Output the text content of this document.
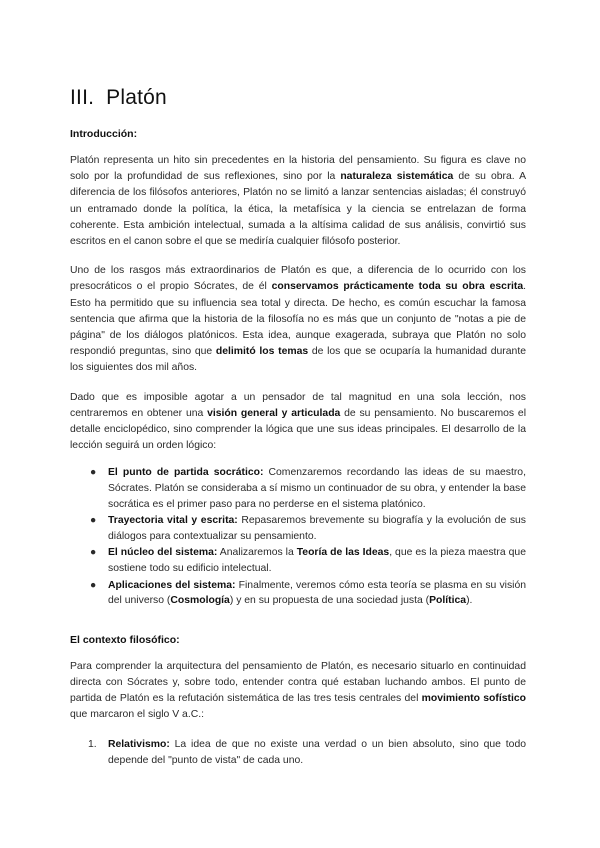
III. Platón
Introducción:

Platón representa un hito sin precedentes en la historia del pensamiento. Su figura es clave no solo por la profundidad de sus reflexiones, sino por la naturaleza sistemática de su obra. A diferencia de los filósofos anteriores, Platón no se limitó a lanzar sentencias aisladas; él construyó un entramado donde la política, la ética, la metafísica y la ciencia se entrelazan de forma coherente. Esta ambición intelectual, sumada a la altísima calidad de sus análisis, convirtió sus escritos en el canon sobre el que se mediría cualquier filósofo posterior.

Uno de los rasgos más extraordinarios de Platón es que, a diferencia de lo ocurrido con los presocráticos o el propio Sócrates, de él conservamos prácticamente toda su obra escrita. Esto ha permitido que su influencia sea total y directa. De hecho, es común escuchar la famosa sentencia que afirma que la historia de la filosofía no es más que un conjunto de "notas a pie de página" de los diálogos platónicos. Esta idea, aunque exagerada, subraya que Platón no solo respondió preguntas, sino que delimitó los temas de los que se ocuparía la humanidad durante los siguientes dos mil años.

Dado que es imposible agotar a un pensador de tal magnitud en una sola lección, nos centraremos en obtener una visión general y articulada de su pensamiento. No buscaremos el detalle enciclopédico, sino comprender la lógica que une sus ideas principales. El desarrollo de la lección seguirá un orden lógico:

● El punto de partida socrático: Comenzaremos recordando las ideas de su maestro, Sócrates. Platón se consideraba a sí mismo un continuador de su obra, y entender la base socrática es el primer paso para no perderse en el sistema platónico.
● Trayectoria vital y escrita: Repasaremos brevemente su biografía y la evolución de sus diálogos para contextualizar su pensamiento.
● El núcleo del sistema: Analizaremos la Teoría de las Ideas, que es la pieza maestra que sostiene todo su edificio intelectual.
● Aplicaciones del sistema: Finalmente, veremos cómo esta teoría se plasma en su visión del universo (Cosmología) y en su propuesta de una sociedad justa (Política).
El contexto filosófico:

Para comprender la arquitectura del pensamiento de Platón, es necesario situarlo en continuidad directa con Sócrates y, sobre todo, entender contra qué estaban luchando ambos. El punto de partida de Platón es la refutación sistemática de las tres tesis centrales del movimiento sofístico que marcaron el siglo V a.C.:

1. Relativismo: La idea de que no existe una verdad o un bien absoluto, sino que todo depende del "punto de vista" de cada uno.
